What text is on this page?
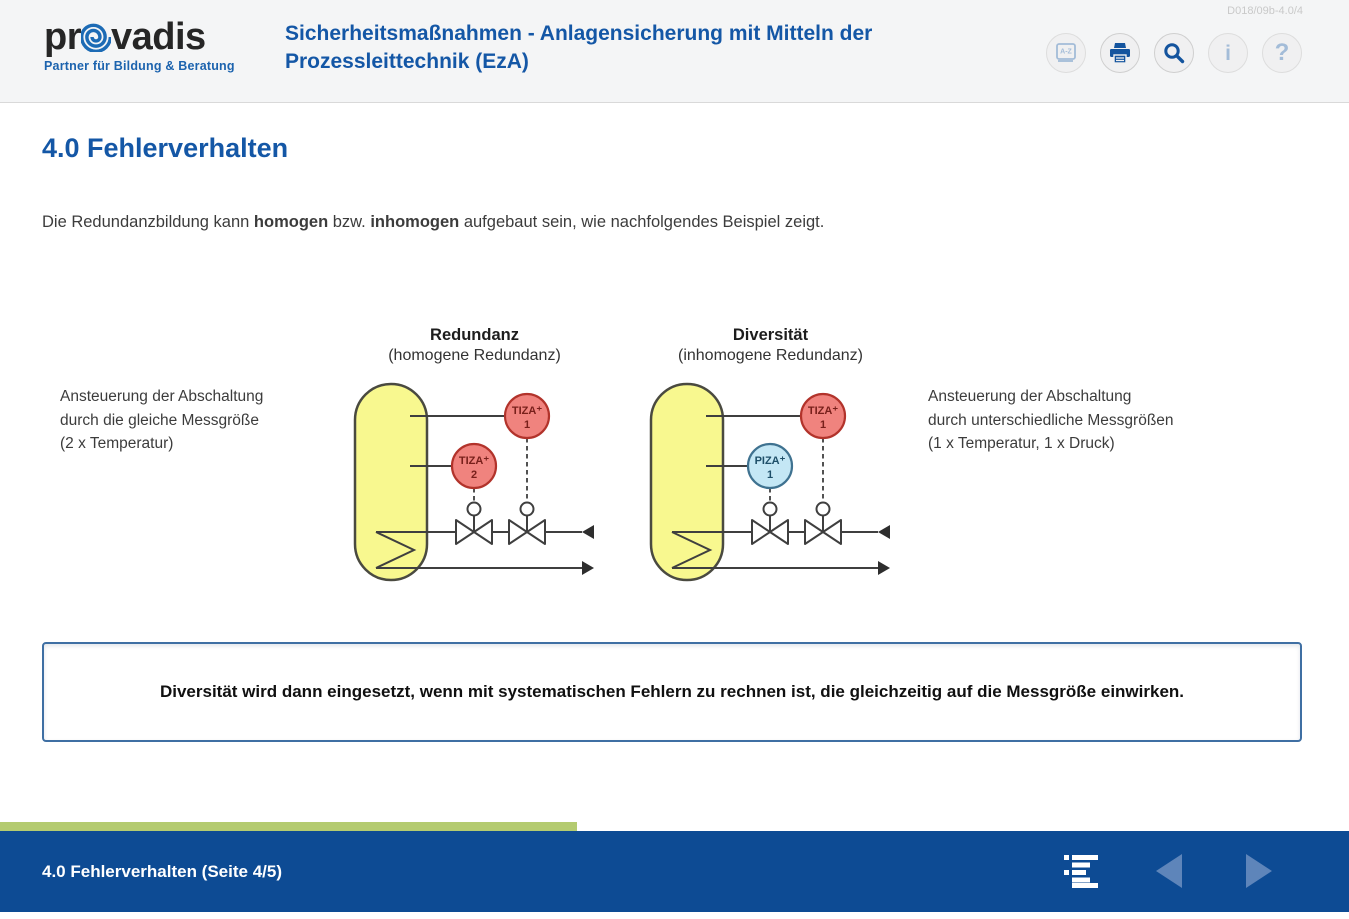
pr vadis
Partner für Bildung & Beratung
Sicherheitsmaßnahmen - Anlagensicherung mit Mitteln der
Prozessleittechnik (EzA)
D018/09b-4.0/4
A-Z	i ?
4.0 Fehlerverhalten

Die Redundanzbildung kann homogen bzw. inhomogen aufgebaut sein, wie nachfolgendes Beispiel zeigt.

Ansteuerung der Abschaltung
durch die gleiche Messgröße
(2 x Temperatur)
Ansteuerung der Abschaltung
durch unterschiedliche Messgrößen
(1 x Temperatur, 1 x Druck)
Redundanz
(homogene Redundanz)
TIZA⁺
1
TIZA⁺
2
Diversität
(inhomogene Redundanz)
TIZA⁺
1
PIZA⁺
1
Diversität wird dann eingesetzt, wenn mit systematischen Fehlern zu rechnen ist, die gleichzeitig auf die Messgröße einwirken.
4.0 Fehlerverhalten (Seite 4/5)
